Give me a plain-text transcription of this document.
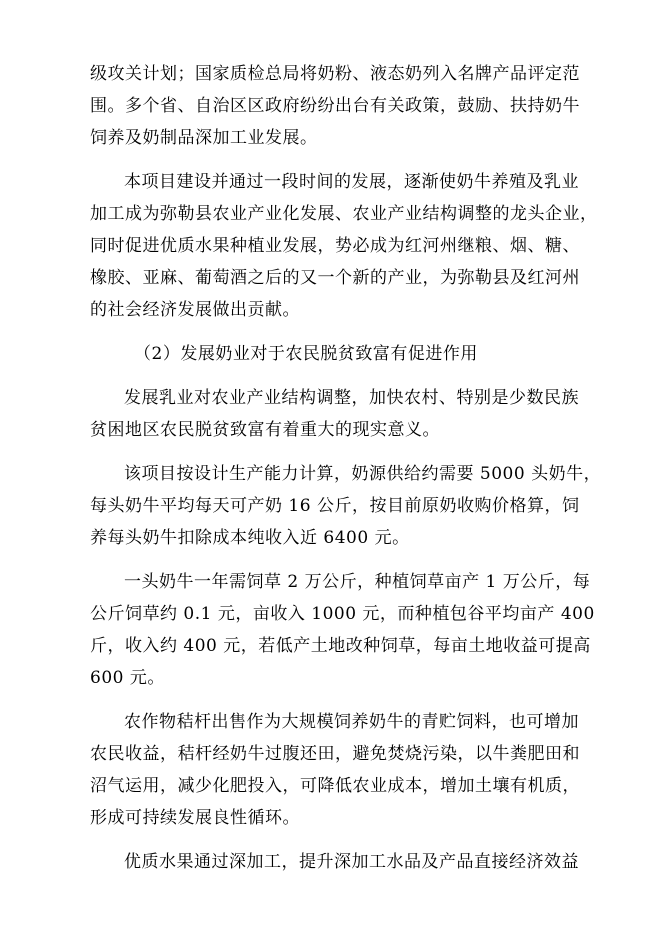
级攻关计划；国家质检总局将奶粉、液态奶列入名牌产品评定范
围。多个省、自治区区政府纷纷出台有关政策，鼓励、扶持奶牛
饲养及奶制品深加工业发展。
本项目建设并通过一段时间的发展，逐渐使奶牛养殖及乳业
加工成为弥勒县农业产业化发展、农业产业结构调整的龙头企业，
同时促进优质水果种植业发展，势必成为红河州继粮、烟、糖、
橡胶、亚麻、葡萄酒之后的又一个新的产业，为弥勒县及红河州
的社会经济发展做出贡献。
（2）发展奶业对于农民脱贫致富有促进作用
发展乳业对农业产业结构调整，加快农村、特别是少数民族
贫困地区农民脱贫致富有着重大的现实意义。
该项目按设计生产能力计算，奶源供给约需要 5000 头奶牛，
每头奶牛平均每天可产奶 16 公斤，按目前原奶收购价格算，饲
养每头奶牛扣除成本纯收入近 6400 元。
一头奶牛一年需饲草 2 万公斤，种植饲草亩产 1 万公斤，每
公斤饲草约 0.1 元，亩收入 1000 元，而种植包谷平均亩产 400
斤，收入约 400 元，若低产土地改种饲草，每亩土地收益可提高
600 元。
农作物秸杆出售作为大规模饲养奶牛的青贮饲料，也可增加
农民收益，秸杆经奶牛过腹还田，避免焚烧污染，以牛粪肥田和
沼气运用，减少化肥投入，可降低农业成本，增加土壤有机质，
形成可持续发展良性循环。
优质水果通过深加工，提升深加工水品及产品直接经济效益
